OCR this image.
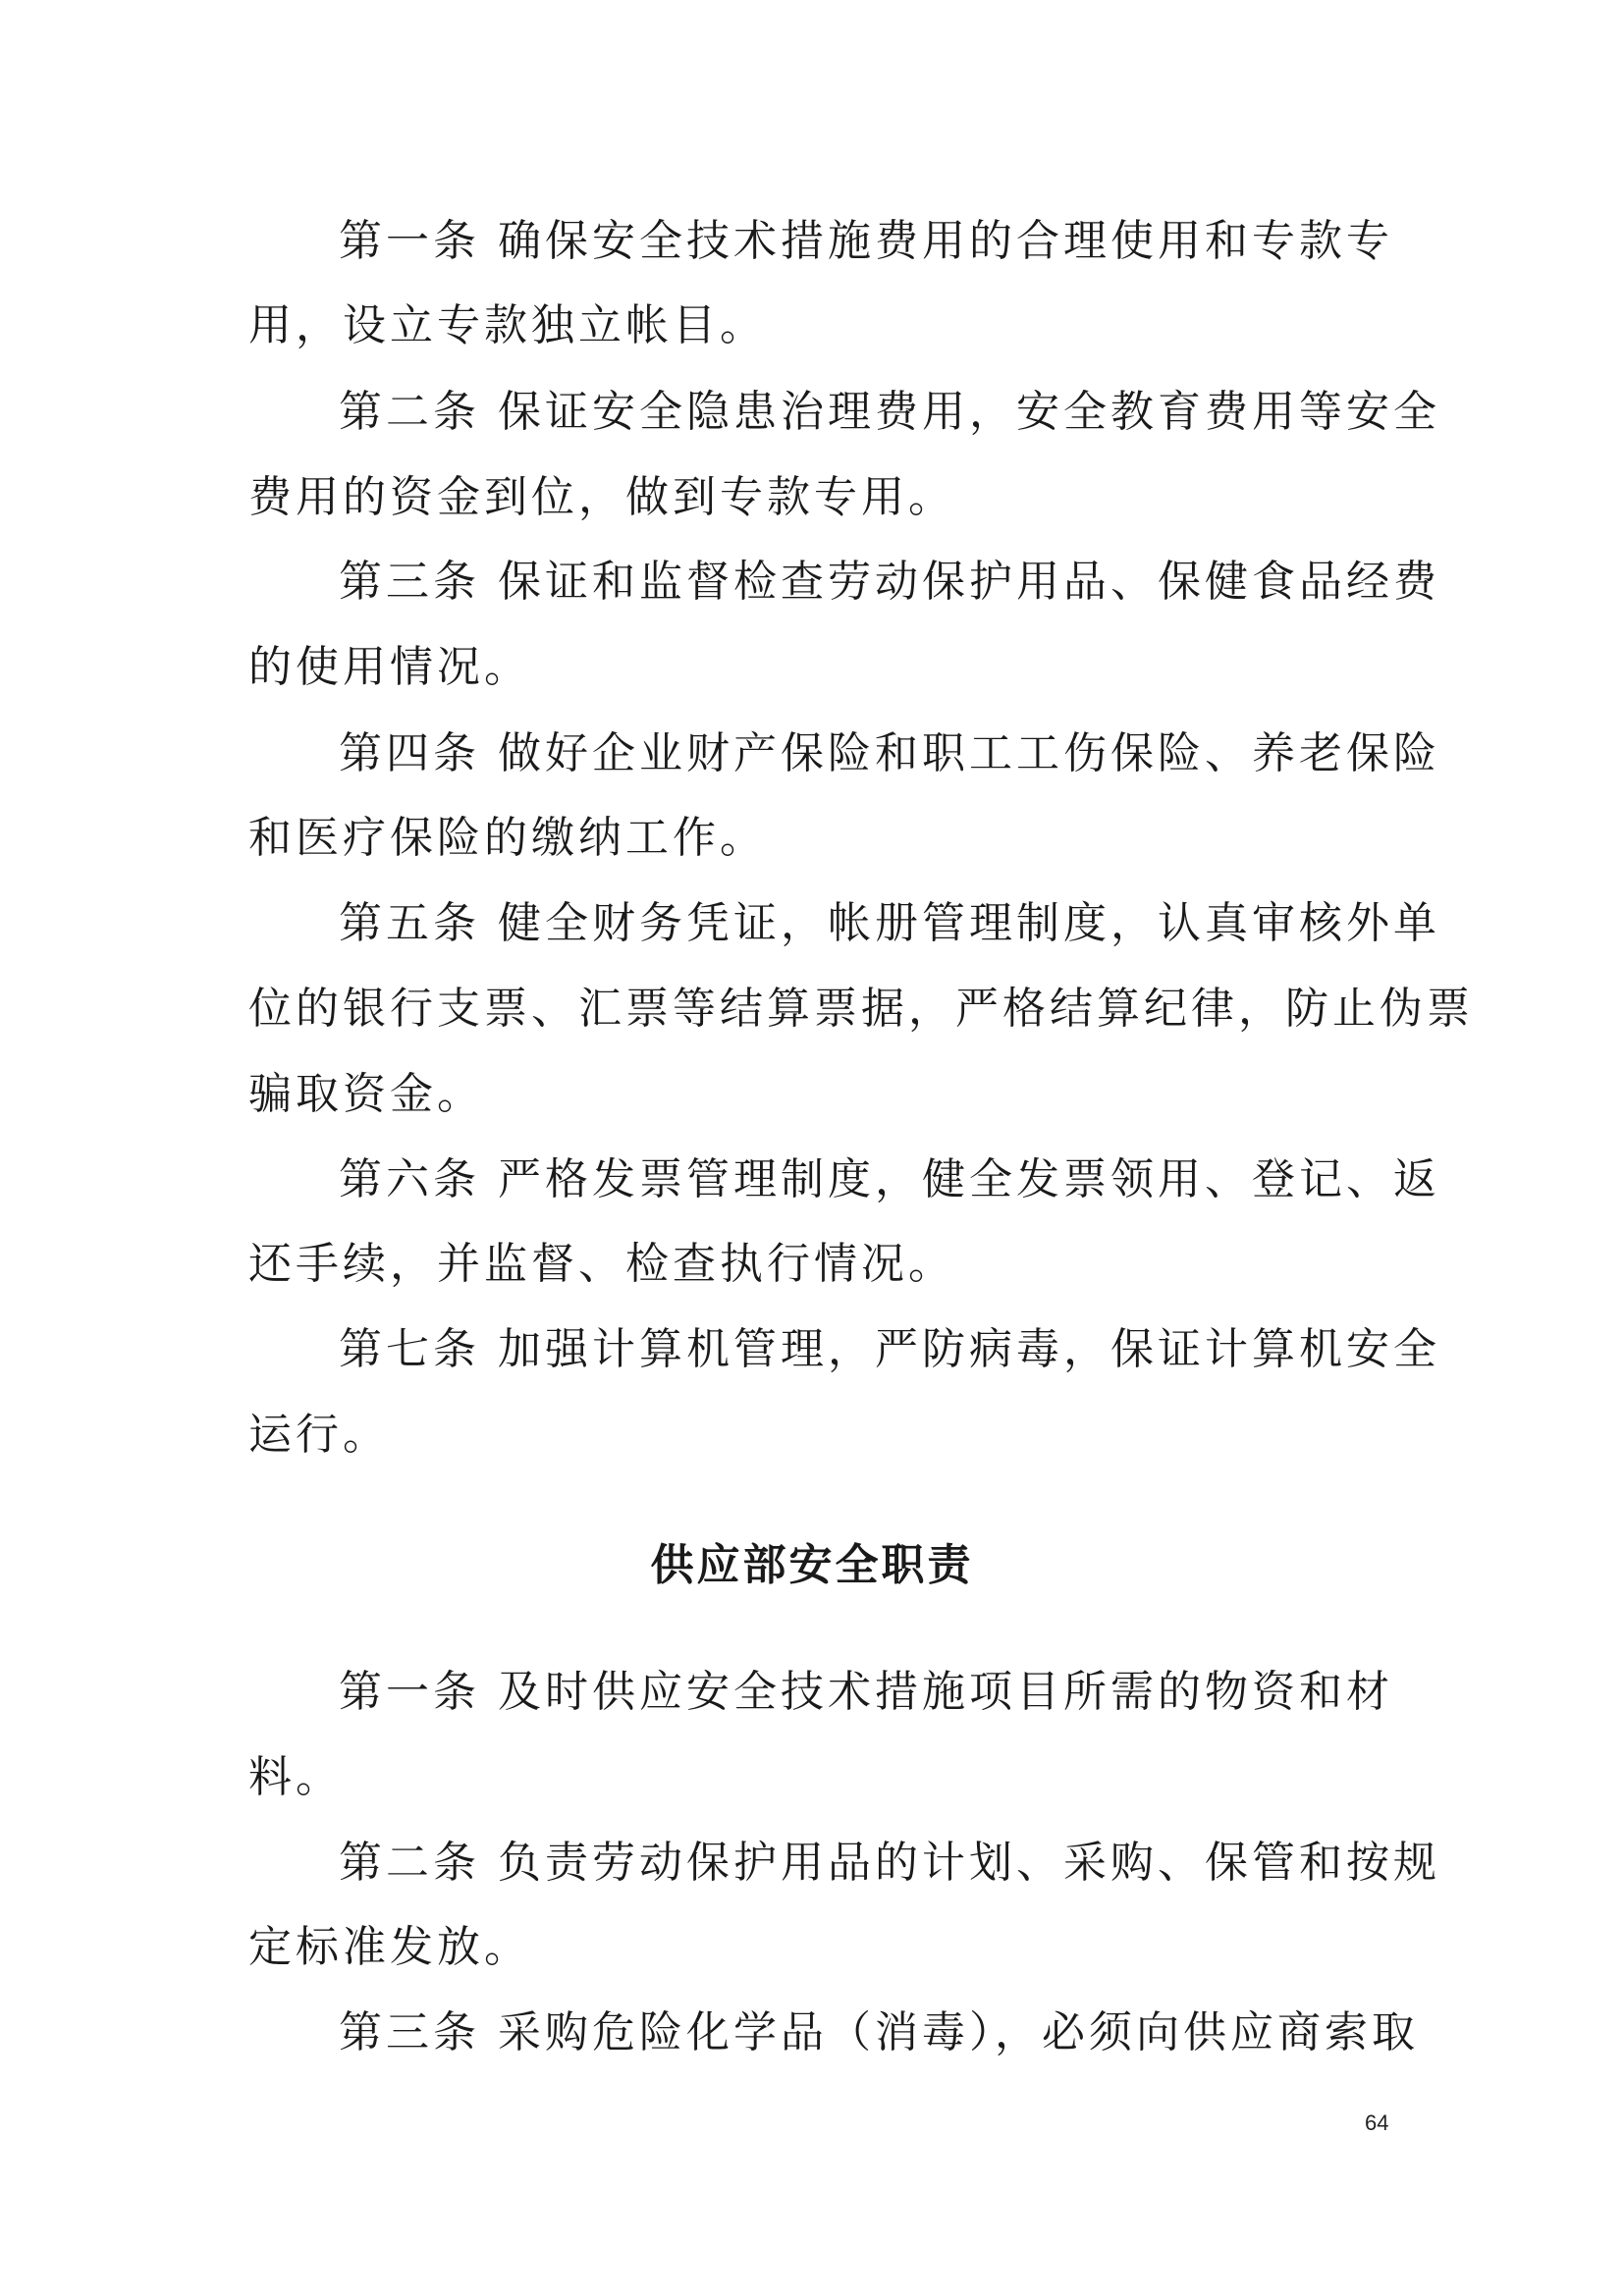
第一条 确保安全技术措施费用的合理使用和专款专
用，设立专款独立帐目。
第二条 保证安全隐患治理费用，安全教育费用等安全
费用的资金到位，做到专款专用。
第三条 保证和监督检查劳动保护用品、保健食品经费
的使用情况。
第四条 做好企业财产保险和职工工伤保险、养老保险
和医疗保险的缴纳工作。
第五条 健全财务凭证，帐册管理制度，认真审核外单
位的银行支票、汇票等结算票据，严格结算纪律，防止伪票
骗取资金。
第六条 严格发票管理制度，健全发票领用、登记、返
还手续，并监督、检查执行情况。
第七条 加强计算机管理，严防病毒，保证计算机安全
运行。
供应部安全职责
第一条 及时供应安全技术措施项目所需的物资和材
料。
第二条 负责劳动保护用品的计划、采购、保管和按规
定标准发放。
第三条 采购危险化学品（消毒），必须向供应商索取
64
